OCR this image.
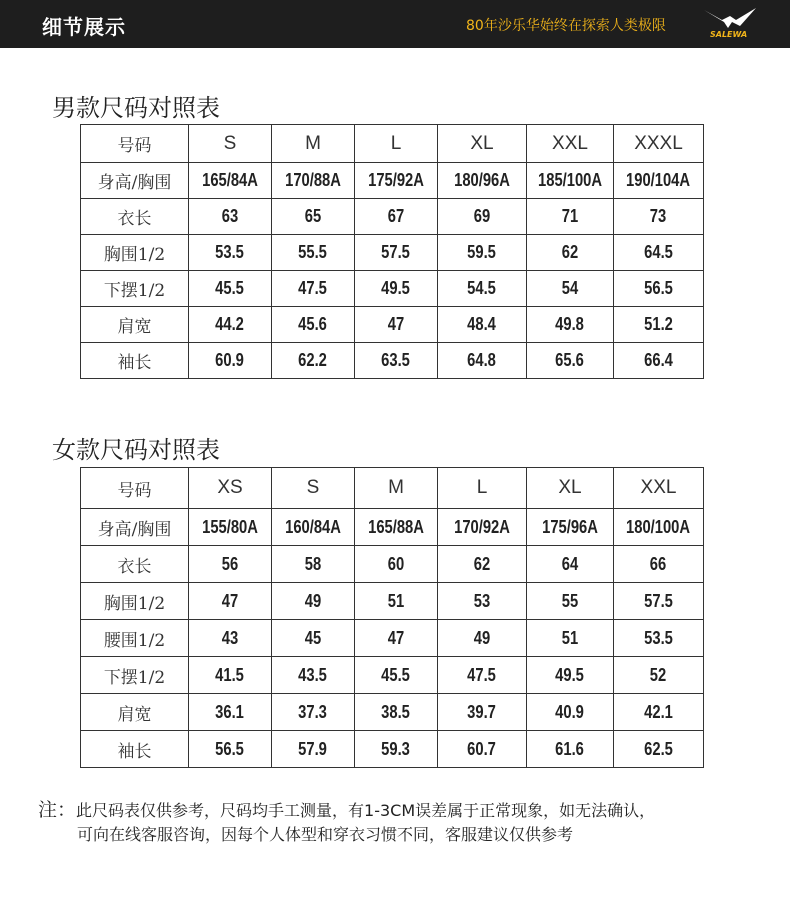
细节展示	80年沙乐华始终在探索人类极限
SALEWA
男款尺码对照表
号码	S	M	L	XL	XXL	XXXL
身高/胸围	165/84A	170/88A	175/92A	180/96A	185/100A	190/104A
衣长	63	65	67	69	71	73
胸围1/2	53.5	55.5	57.5	59.5	62	64.5
下摆1/2	45.5	47.5	49.5	54.5	54	56.5
肩宽	44.2	45.6	47	48.4	49.8	51.2
袖长	60.9	62.2	63.5	64.8	65.6	66.4
女款尺码对照表
号码	XS	S	M	L	XL	XXL
身高/胸围	155/80A	160/84A	165/88A	170/92A	175/96A	180/100A
衣长	56	58	60	62	64	66
胸围1/2	47	49	51	53	55	57.5
腰围1/2	43	45	47	49	51	53.5
下摆1/2	41.5	43.5	45.5	47.5	49.5	52
肩宽	36.1	37.3	38.5	39.7	40.9	42.1
袖长	56.5	57.9	59.3	60.7	61.6	62.5
注：此尺码表仅供参考，尺码均手工测量，有1-3CM误差属于正常现象，如无法确认，
可向在线客服咨询，因每个人体型和穿衣习惯不同，客服建议仅供参考
